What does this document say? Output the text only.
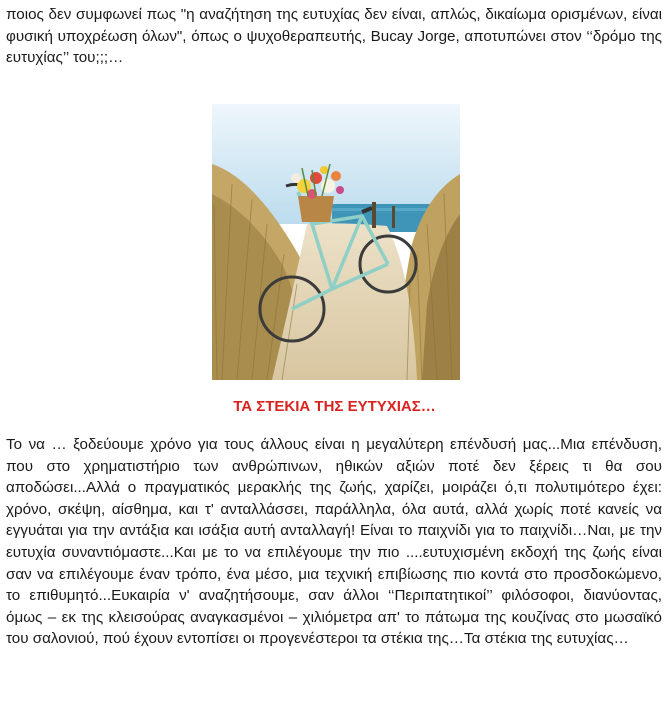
ποιος δεν συμφωνεί πως "η αναζήτηση της ευτυχίας δεν είναι, απλώς, δικαίωμα ορισμένων, είναι φυσική υποχρέωση όλων", όπως ο ψυχοθεραπευτής, Bucay Jorge, αποτυπώνει στον ‘‘δρόμο της ευτυχίας’’ του;;;…

ΤΑ ΣΤΕΚΙΑ ΤΗΣ ΕΥΤΥΧΙΑΣ…

Το να … ξοδεύουμε χρόνο για τους άλλους είναι η μεγαλύτερη επένδυσή μας...Μια επένδυση, που στο χρηματιστήριο των ανθρώπινων, ηθικών αξιών ποτέ δεν ξέρεις τι θα σου αποδώσει...Αλλά ο πραγματικός μερακλής της ζωής, χαρίζει, μοιράζει ό,τι πολυτιμότερο έχει: χρόνο, σκέψη, αίσθημα, και τ' ανταλλάσσει, παράλληλα, όλα αυτά, αλλά χωρίς ποτέ κανείς να εγγυάται για την αντάξια και ισάξια αυτή ανταλλαγή! Είναι το παιχνίδι για το παιχνίδι…Ναι, με την ευτυχία συναντιόμαστε...Και με το να επιλέγουμε την πιο ....ευτυχισμένη εκδοχή της ζωής είναι σαν να επιλέγουμε έναν τρόπο, ένα μέσο, μια τεχνική επιβίωσης πιο κοντά στο προσδοκώμενο, το επιθυμητό...Ευκαιρία ν' αναζητήσουμε, σαν άλλοι ‘‘Περιπατητικοί’’ φιλόσοφοι, διανύοντας, όμως – εκ της κλεισούρας αναγκασμένοι – χιλιόμετρα απ' το πάτωμα της κουζίνας στο μωσαϊκό του σαλονιού, πού έχουν εντοπίσει οι προγενέστεροι τα στέκια της…Τα στέκια της ευτυχίας…
